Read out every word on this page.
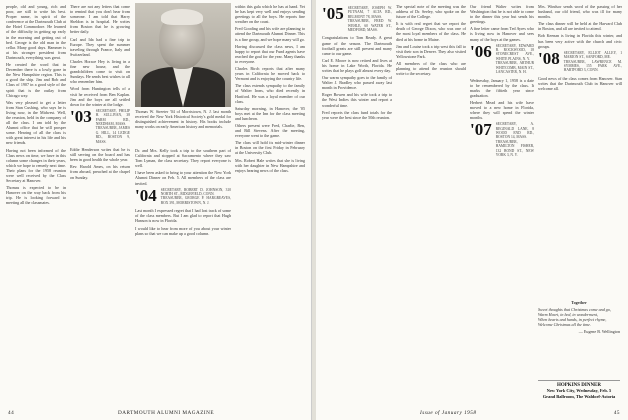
people, old and young, rich and poor, are still to write his best. Proper name, in spirit of the conference at the Dartmouth Club at the Hotel Commodore. He learned of the difficulty in getting up early in the morning and getting out of bed. George is the old man in the cellar. Many good days. Hammer is at his stronger president from Dartmouth, everything was great.

He created the word that in December there is a lowly gone in the New Hampshire region. This is a good the ship. Jim and Bob and Class of 1907 in a good style of the spirit that is the outlay from Chicago way.

Was very pleased to get a letter from Stan Cushing, who says he is living now, in the Midwest. Well, the reunion, held in the company of all the class. I am told by the Alumni office that he will prosper some. Hearing of all the class is with great interest in his life and his new friends.

Having not been informed of the Class news on time, we have in this column some changes in their years, which we hope to remedy next time. Their plans for the 1958 reunion were well received by the Class Secretary at Hanover.

Thomas is expected to be in Hanover on the way back from his trip. He is looking forward to meeting all the classmates.

There are not any letters that come to remind that you don't hear from someone. I am told that Harry Sheldon is in hospital. He writes from Boston that he is growing better daily.

Carl and Ida had a fine trip to Europe. They spent the summer traveling through France, Italy and Switzerland.

Charles Horace Hey is living in a fine new house, and the grandchildren come to visit on Sundays. He sends best wishes to all who remember him.

Word from Huntington tells of a visit he received from Ben Kaplan. Jim and the boys are all settled down for the winter at the lodge.

'03 SECRETARY, PHILIP H. SULLIVAN, 38 FARM RD., NEEDHAM, MASS.
TREASURER, JAMES G. HILL, 14 LEDGE RD., BOSTON 9, MASS.

Eddie Henderson writes that he is still serving on the board and has been in good health the whole year.

Rev. Harold Ames, on his return from abroad, preached at the chapel on Sunday.

Thomas W. Streeter '04 of Morristown, N. J. last month received the New York Historical Society's gold medal for distinguished achievement in history. His books include many works on early American history and memorials.

Dr. and Mrs. Kelly took a trip to the southern part of California and stopped at Sacramento where they saw Tom Lyman, the class secretary. They report everyone is well.

I have been asked to bring to your attention the New York Alumni Dinner on Feb. 5. All members of the class are invited.

'04 SECRETARY, ROBERT D. JOHNSON, 310 NORTH ST., RIDGEFIELD, CONN.
TREASURER, GEORGE P. HARGREAVES, BOX 391, MORRISTOWN, N. J.

Last month I expressed regret that I had lost track of some of the class members. But I am glad to report that Hugh Hanson is now in Florida.

I would like to hear from more of you about your winter plans so that we can make up a good column.

within this gala which he has at hand. Yet he has kept very well and enjoys sending greetings to all the boys. He reports fine weather on the coast.

Fred Gooding and his wife are planning to attend the Dartmouth Alumni Dinner. This is a fine group, and we hope many will go.

Having discussed the class news, I am happy to report that our Fund agents have reached the goal for the year. Many thanks to everyone.

Charles Birch reports that after many years in California he moved back to Vermont and is enjoying the country life.

The class extends sympathy to the family of Walter Irons, who died recently in Hartford. He was a loyal member of our class.

Saturday morning, in Hanover, the '05 boys met at the Inn for the class meeting and luncheon.

Others present were Fred, Charlie, Ben, and Bill Stevens. After the meeting, everyone went to the game.

The class will hold its mid-winter dinner in Boston on the first Friday in February at the University Club.

Mrs. Robert Hale writes that she is living with her daughter in New Hampshire and enjoys hearing news of the class.

44	DARTMOUTH ALUMNI MAGAZINE
'05 SECRETARY, JOSEPH W. PUTNAM, 7 ALTA RD., BELMONT 78, MASS.
TREASURER, FRED W. WEHLE, 60 WATER ST., MEDFORD, MASS.

Congratulations to Tom Ready. A great game of the season. The Dartmouth football greats are still present and many came to our game.

Carl E. Moore is now retired and lives at his home in Lake Worth, Florida. He writes that he plays golf almost every day.

Our warm sympathy goes to the family of Walter J. Bradley who passed away last month in Providence.

Roger Bowen and his wife took a trip to the West Indies this winter and report a wonderful time.

Fred reports the class fund totals for the year were the best since the 50th reunion.

The special note of the meeting was the address of Dr. Seeley, who spoke on the future of the College.

It is with real regret that we report the death of George Dixon, who was one of the most loyal members of the class. He died at his home in Maine.

Jim and Louise took a trip west this fall to visit their son in Denver. They also visited Yellowstone Park.

All members of the class who are planning to attend the reunion should write to the secretary.

Our friend Walter writes from Washington that he is not able to come to the dinner this year but sends his greetings.

A fine letter came from Ted Ayres who is living now in Hanover and sees many of the boys at the games.

'06 SECRETARY, EDWARD B. ROCKWOOD, 18 STONECREST AVE., WHITE PLAINS, N. Y.
TREASURER, ARTHUR WHITCOMB, MAIN ST., LANCASTER, N. H.

Wednesday, January 1, 1958 is a date to be remembered by the class. It marks the fiftieth year since graduation.

Herbert Mead and his wife have moved to a new home in Florida, where they will spend the winter months.

'07 SECRETARY, A. REGINALD LANE, 8 WOOD END RD., BOSTON 14, MASS.
TREASURER, HAMILTON FISHER, 132 BOND ST., NEW YORK 3, N. Y.

Mrs. Windsor sends word of the passing of her husband, our old friend, who was ill for many months.

The class dinner will be held at the Harvard Club in Boston, and all are invited to attend.

Bob Keenan is living in Florida this winter, and has been very active with the church and civic groups.

'08 SECRETARY, ELLIOT ALLEY, 1 MARION ST., SANFORD, ME.
TREASURER, LAWRENCE M. SYMMES, 155 PARK AVE., HARTFORD 3, CONN.

Good news of the class comes from Hanover. Stan writes that the Dartmouth Club in Hanover will welcome all.

Together
Sweet thoughts that Christmas come and go,
Warm Heart, in bed, in wonderment,
When hearts and hands, in perfect rhyme,
Welcome Christmas all the time.
— Eugene B. Wellington
HOPKINS DINNER
New York City, Wednesday, Feb. 5
Grand Ballroom, The Waldorf-Astoria
Issue of January 1958	45
